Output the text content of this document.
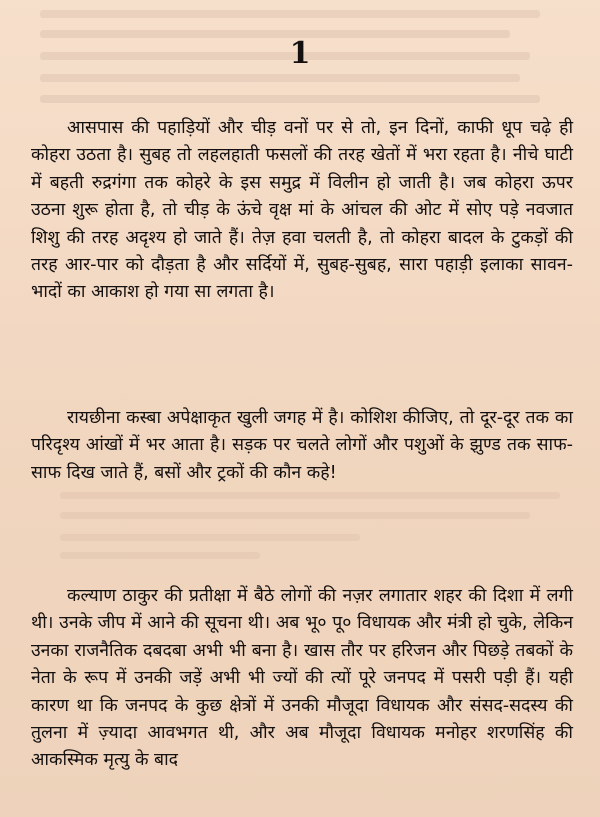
1

आसपास की पहाड़ियों और चीड़ वनों पर से तो, इन दिनों, काफी धूप चढ़े ही कोहरा उठता है। सुबह तो लहलहाती फसलों की तरह खेतों में भरा रहता है। नीचे घाटी में बहती रुद्रगंगा तक कोहरे के इस समुद्र में विलीन हो जाती है। जब कोहरा ऊपर उठना शुरू होता है, तो चीड़ के ऊंचे वृक्ष मां के आंचल की ओट में सोए पड़े नवजात शिशु की तरह अदृश्य हो जाते हैं। तेज़ हवा चलती है, तो कोहरा बादल के टुकड़ों की तरह आर-पार को दौड़ता है और सर्दियों में, सुबह-सुबह, सारा पहाड़ी इलाका सावन-भादों का आकाश हो गया सा लगता है।

रायछीना कस्बा अपेक्षाकृत खुली जगह में है। कोशिश कीजिए, तो दूर-दूर तक का परिदृश्य आंखों में भर आता है। सड़क पर चलते लोगों और पशुओं के झुण्ड तक साफ-साफ दिख जाते हैं, बसों और ट्रकों की कौन कहे!

कल्याण ठाकुर की प्रतीक्षा में बैठे लोगों की नज़र लगातार शहर की दिशा में लगी थी। उनके जीप में आने की सूचना थी। अब भू० पू० विधायक और मंत्री हो चुके, लेकिन उनका राजनैतिक दबदबा अभी भी बना है। खास तौर पर हरिजन और पिछड़े तबकों के नेता के रूप में उनकी जड़ें अभी भी ज्यों की त्यों पूरे जनपद में पसरी पड़ी हैं। यही कारण था कि जनपद के कुछ क्षेत्रों में उनकी मौजूदा विधायक और संसद-सदस्य की तुलना में ज़्यादा आवभगत थी, और अब मौजूदा विधायक मनोहर शरणसिंह की आकस्मिक मृत्यु के बाद
